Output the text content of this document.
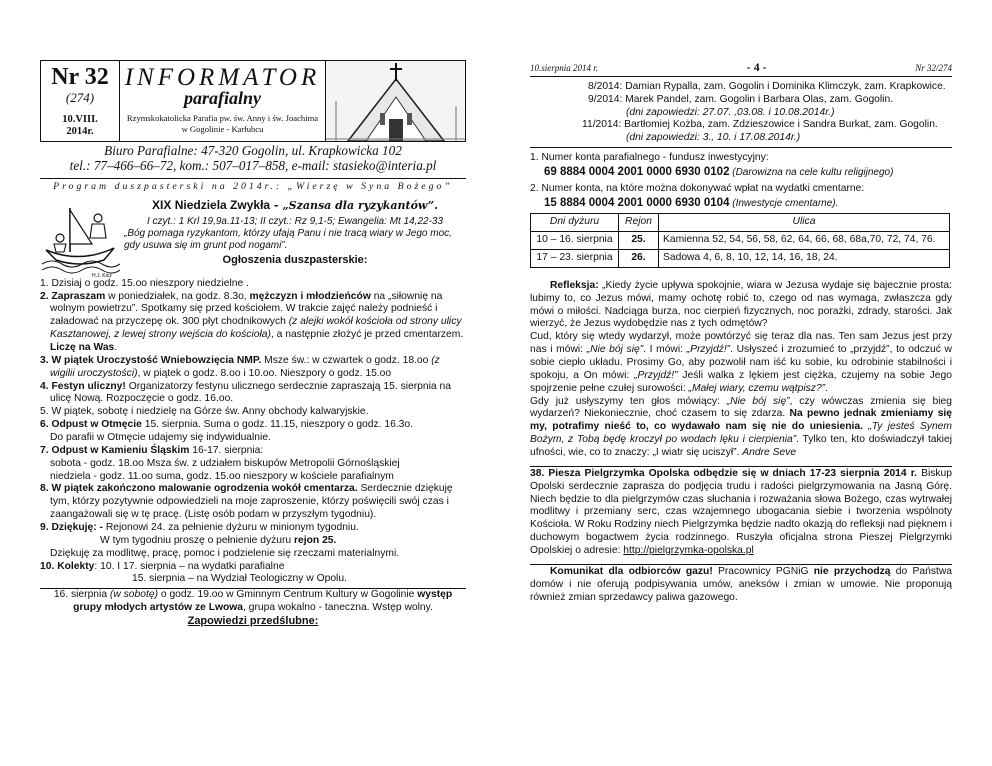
Nr 32
(274)
10.VIII.
2014r.
INFORMATOR
parafialny
Rzymskokatolicka Parafia pw. św. Anny i św. Joachima
w Gogolinie - Karłubcu
Biuro Parafialne: 47-320 Gogolin, ul. Krapkowicka 102
tel.: 77–466–66–72, kom.: 507–017–858, e-mail: stasieko@interia.pl
Program duszpasterski na 2014r.: „Wierzę w Syna Bożego”
H.J. Kicz
XIX Niedziela Zwykła - „Szansa dla ryzykantów”.
I czyt.: 1 Krl 19,9a.11-13; II czyt.: Rz 9,1-5; Ewangelia: Mt 14,22-33
„Bóg pomaga ryzykantom, którzy ufają Panu i nie tracą wiary w Jego moc, gdy usuwa się im grunt pod nogami”.
Ogłoszenia duszpasterskie:

1. Dzisiaj o godz. 15.oo nieszpory niedzielne .

2. Zapraszam w poniedziałek, na godz. 8.3o, mężczyzn i młodzieńców na „siłownię na wolnym powietrzu”. Spotkamy się przed kościołem. W trakcie zajęć należy podnieść i załadować na przyczepę ok. 300 płyt chodnikowych (z alejki wokół kościoła od strony ulicy Kasztanowej, z lewej strony wejścia do kościoła), a następnie złożyć je przed cmentarzem. Liczę na Was.

3. W piątek Uroczystość Wniebowzięcia NMP. Msze św.: w czwartek o godz. 18.oo (z wigilii uroczystości), w piątek o godz. 8.oo i 10.oo. Nieszpory o godz. 15.oo

4. Festyn uliczny! Organizatorzy festynu ulicznego serdecznie zapraszają 15. sierpnia na ulicę Nową. Rozpoczęcie o godz. 16.oo.

5. W piątek, sobotę i niedzielę na Górze św. Anny obchody kalwaryjskie.

6. Odpust w Otmęcie 15. sierpnia. Suma o godz. 11.15, nieszpory o godz. 16.3o.

Do parafii w Otmęcie udajemy się indywidualnie.

7. Odpust w Kamieniu Śląskim 16-17. sierpnia:

sobota - godz. 18.oo Msza św. z udziałem biskupów Metropolii Górnośląskiej

niedziela - godz. 11.oo suma, godz. 15.oo nieszpory w kościele parafialnym

8. W piątek zakończono malowanie ogrodzenia wokół cmentarza. Serdecznie dziękuję tym, którzy pozytywnie odpowiedzieli na moje zaproszenie, którzy poświęcili swój czas i zaangażowali się w tę pracę. (Listę osób podam w przyszłym tygodniu).

9. Dziękuję: - Rejonowi 24. za pełnienie dyżuru w minionym tygodniu.

W tym tygodniu proszę o pełnienie dyżuru rejon 25.

Dziękuję za modlitwę, pracę, pomoc i podzielenie się rzeczami materialnymi.

10. Kolekty: 10. I 17. sierpnia – na wydatki parafialne

15. sierpnia – na Wydział Teologiczny w Opolu.

16. sierpnia (w sobotę) o godz. 19.oo w Gminnym Centrum Kultury w Gogolinie występ grupy młodych artystów ze Lwowa, grupa wokalno - taneczna. Wstęp wolny.
Zapowiedzi przedślubne:
10.sierpnia 2014 r.	- 4 -	Nr 32/274
8/2014: Damian Rypalla, zam. Gogolin i Dominika Klimczyk, zam. Krapkowice.
9/2014: Marek Pandel, zam. Gogolin i Barbara Olas, zam. Gogolin.
(dni zapowiedzi: 27.07. ,03.08. i 10.08.2014r.)
11/2014: Bartłomiej Kożba, zam. Zdzieszowice i Sandra Burkat, zam. Gogolin.
(dni zapowiedzi: 3., 10. i 17.08.2014r.)
1. Numer konta parafialnego - fundusz inwestycyjny:
69 8884 0004 2001 0000 6930 0102 (Darowizna na cele kultu religijnego)
2. Numer konta, na które można dokonywać wpłat na wydatki cmentarne:
15 8884 0004 2001 0000 6930 0104 (Inwestycje cmentarne).
Dni dyżuru	Rejon	Ulica
10 – 16. sierpnia	25.	Kamienna 52, 54, 56, 58, 62, 64, 66, 68, 68a,70, 72, 74, 76.
17 – 23. sierpnia	26.	Sadowa 4, 6, 8, 10, 12, 14, 16, 18, 24.
Refleksja: „Kiedy życie upływa spokojnie, wiara w Jezusa wydaje się bajecznie prosta: lubimy to, co Jezus mówi, mamy ochotę robić to, czego od nas wymaga, zwłaszcza gdy mówi o miłości. Nadciąga burza, noc cierpień fizycznych, noc porażki, zdrady, starości. Jak wierzyć, że Jezus wydobędzie nas z tych odmętów?
Cud, który się wtedy wydarzył, może powtórzyć się teraz dla nas. Ten sam Jezus jest przy nas i mówi: „Nie bój się”. I mówi: „Przyjdź!”. Usłyszeć i zrozumieć to „przyjdź”, to odczuć w sobie ciepło układu. Prosimy Go, aby pozwolił nam iść ku sobie, ku odrobinie stabilności i spokoju, a On mówi: „Przyjdź!” Jeśli walka z lękiem jest ciężka, czujemy na sobie Jego spojrzenie pełne czułej surowości: „Małej wiary, czemu wątpisz?”.
Gdy już usłyszymy ten głos mówiący: „Nie bój się”, czy wówczas zmienia się bieg wydarzeń? Niekoniecznie, choć czasem to się zdarza. Na pewno jednak zmieniamy się my, potrafimy nieść to, co wydawało nam się nie do uniesienia. „Ty jesteś Synem Bożym, z Tobą będę kroczył po wodach lęku i cierpienia”. Tylko ten, kto doświadczył takiej ufności, wie, co to znaczy: „I wiatr się uciszył”. Andre Seve
38. Piesza Pielgrzymka Opolska odbędzie się w dniach 17-23 sierpnia 2014 r. Biskup Opolski serdecznie zaprasza do podjęcia trudu i radości pielgrzymowania na Jasną Górę. Niech będzie to dla pielgrzymów czas słuchania i rozważania słowa Bożego, czas wytrwałej modlitwy i przemiany serc, czas wzajemnego ubogacania siebie i tworzenia wspólnoty Kościoła. W Roku Rodziny niech Pielgrzymka będzie nadto okazją do refleksji nad pięknem i duchowym bogactwem życia rodzinnego. Ruszyła oficjalna strona Pieszej Pielgrzymki Opolskiej o adresie: http://pielgrzymka-opolska.pl
Komunikat dla odbiorców gazu! Pracownicy PGNiG nie przychodzą do Państwa domów i nie oferują podpisywania umów, aneksów i zmian w umowie. Nie proponują również zmian sprzedawcy paliwa gazowego.
